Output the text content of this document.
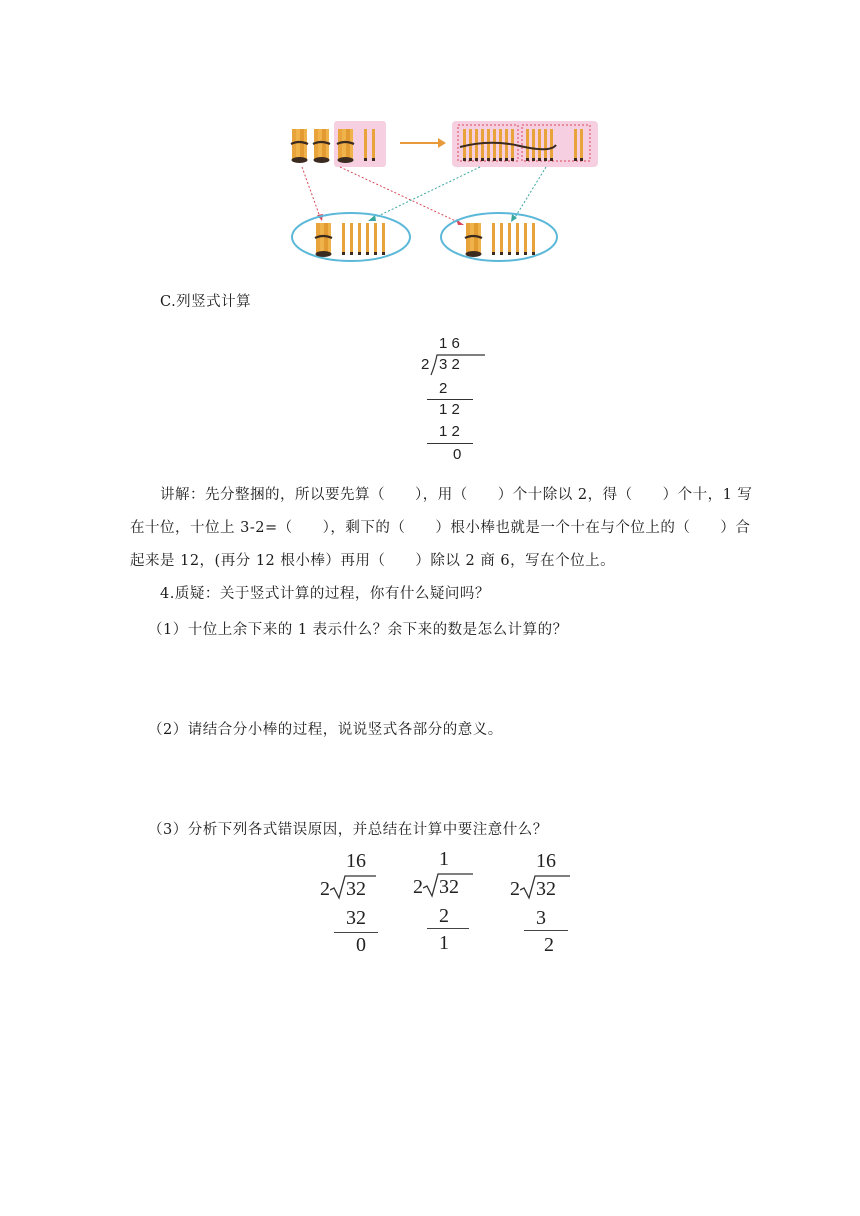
C.列竖式计算
1 6
2 3 2
2
1 2
1 2
0
讲解：先分整捆的，所以要先算（　　），用（　　）个十除以 2，得（　　）个十，1 写
在十位，十位上 3-2=（　　），剩下的（　　）根小棒也就是一个十在与个位上的（　　）合
起来是 12，(再分 12 根小棒）再用（　　）除以 2 商 6，写在个位上。
4.质疑：关于竖式计算的过程，你有什么疑问吗？
（1）十位上余下来的 1 表示什么？余下来的数是怎么计算的？
（2）请结合分小棒的过程，说说竖式各部分的意义。
（3）分析下列各式错误原因，并总结在计算中要注意什么？
16
2 32
32
0
1
2 32
2
1
16
2 32
3
2
